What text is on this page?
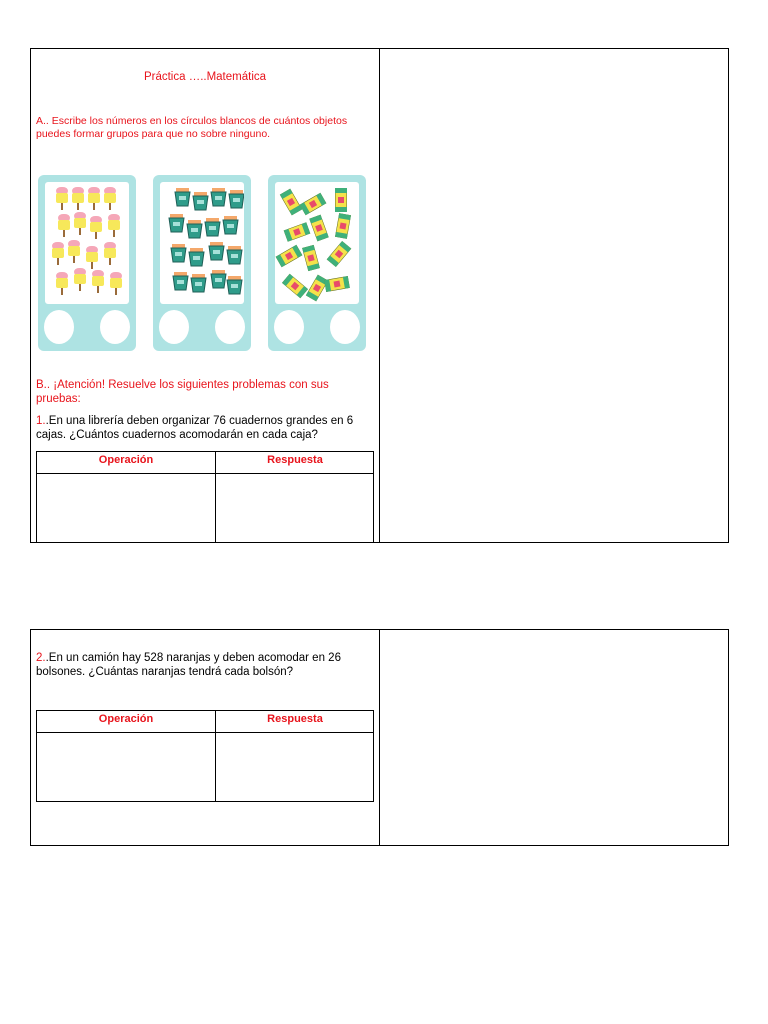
Práctica …..Matemática
A.. Escribe los números en los círculos blancos de cuántos objetos puedes formar grupos para que no sobre ninguno.
B.. ¡Atención! Resuelve los siguientes problemas con sus pruebas:
1..En una librería deben organizar 76 cuadernos grandes en 6 cajas. ¿Cuántos cuadernos acomodarán en cada caja?
Operación	Respuesta
2..En un camión hay 528 naranjas y deben acomodar en 26 bolsones. ¿Cuántas naranjas tendrá cada bolsón?
Operación	Respuesta
